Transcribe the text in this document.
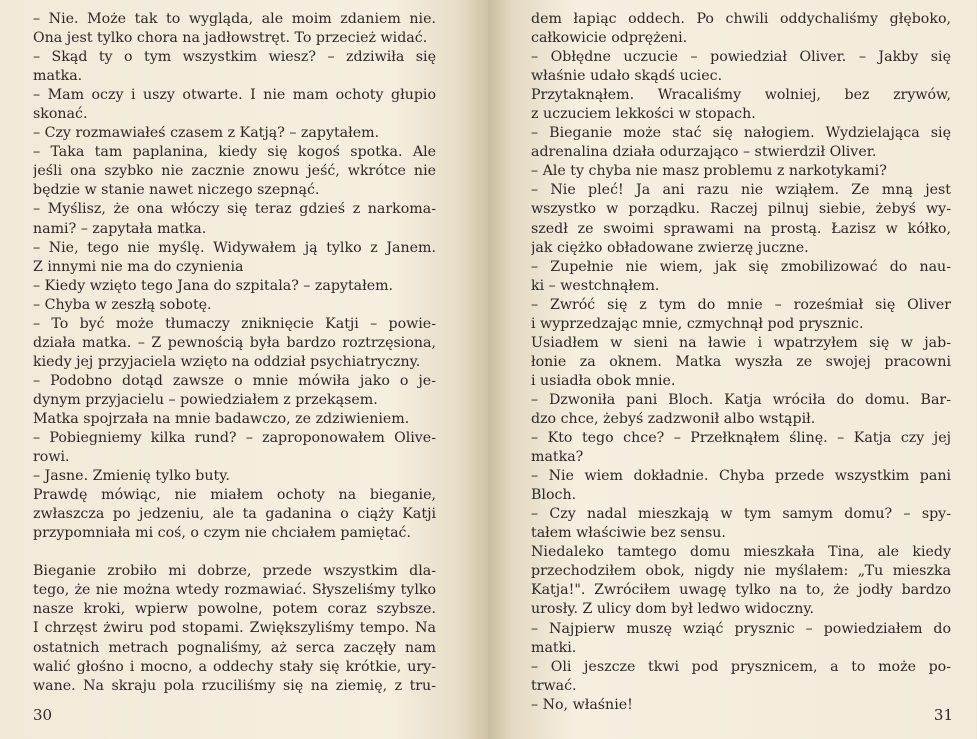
– Nie. Może tak to wygląda, ale moim zdaniem nie.
Ona jest tylko chora na jadłowstręt. To przecież widać.
– Skąd ty o tym wszystkim wiesz? – zdziwiła się
matka.
– Mam oczy i uszy otwarte. I nie mam ochoty głupio
skonać.
– Czy rozmawiałeś czasem z Katją? – zapytałem.
– Taka tam paplanina, kiedy się kogoś spotka. Ale
jeśli ona szybko nie zacznie znowu jeść, wkrótce nie
będzie w stanie nawet niczego szepnąć.
– Myślisz, że ona włóczy się teraz gdzieś z narkoma-
nami? – zapytała matka.
– Nie, tego nie myślę. Widywałem ją tylko z Janem.
Z innymi nie ma do czynienia
– Kiedy wzięto tego Jana do szpitala? – zapytałem.
– Chyba w zeszłą sobotę.
– To być może tłumaczy zniknięcie Katji – powie-
działa matka. – Z pewnością była bardzo roztrzęsiona,
kiedy jej przyjaciela wzięto na oddział psychiatryczny.
– Podobno dotąd zawsze o mnie mówiła jako o je-
dynym przyjacielu – powiedziałem z przekąsem.
Matka spojrzała na mnie badawczo, ze zdziwieniem.
– Pobiegniemy kilka rund? – zaproponowałem Olive-
rowi.
– Jasne. Zmienię tylko buty.
Prawdę mówiąc, nie miałem ochoty na bieganie,
zwłaszcza po jedzeniu, ale ta gadanina o ciąży Katji
przypomniała mi coś, o czym nie chciałem pamiętać.
Bieganie zrobiło mi dobrze, przede wszystkim dla-
tego, że nie można wtedy rozmawiać. Słyszeliśmy tylko
nasze kroki, wpierw powolne, potem coraz szybsze.
I chrzęst żwiru pod stopami. Zwiększyliśmy tempo. Na
ostatnich metrach pognaliśmy, aż serca zaczęły nam
walić głośno i mocno, a oddechy stały się krótkie, ury-
wane. Na skraju pola rzuciliśmy się na ziemię, z tru-
30
dem łapiąc oddech. Po chwili oddychaliśmy głęboko,
całkowicie odprężeni.
– Obłędne uczucie – powiedział Oliver. – Jakby się
właśnie udało skądś uciec.
Przytaknąłem. Wracaliśmy wolniej, bez zrywów,
z uczuciem lekkości w stopach.
– Bieganie może stać się nałogiem. Wydzielająca się
adrenalina działa odurzająco – stwierdził Oliver.
– Ale ty chyba nie masz problemu z narkotykami?
– Nie pleć! Ja ani razu nie wziąłem. Ze mną jest
wszystko w porządku. Raczej pilnuj siebie, żebyś wy-
szedł ze swoimi sprawami na prostą. Łazisz w kółko,
jak ciężko obładowane zwierzę juczne.
– Zupełnie nie wiem, jak się zmobilizować do nau-
ki – westchnąłem.
– Zwróć się z tym do mnie – roześmiał się Oliver
i wyprzedzając mnie, czmychnął pod prysznic.
Usiadłem w sieni na ławie i wpatrzyłem się w jab-
łonie za oknem. Matka wyszła ze swojej pracowni
i usiadła obok mnie.
– Dzwoniła pani Bloch. Katja wróciła do domu. Bar-
dzo chce, żebyś zadzwonił albo wstąpił.
– Kto tego chce? – Przełknąłem ślinę. – Katja czy jej
matka?
– Nie wiem dokładnie. Chyba przede wszystkim pani
Bloch.
– Czy nadal mieszkają w tym samym domu? – spy-
tałem właściwie bez sensu.
Niedaleko tamtego domu mieszkała Tina, ale kiedy
przechodziłem obok, nigdy nie myślałem: „Tu mieszka
Katja!". Zwróciłem uwagę tylko na to, że jodły bardzo
urosły. Z ulicy dom był ledwo widoczny.
– Najpierw muszę wziąć prysznic – powiedziałem do
matki.
– Oli jeszcze tkwi pod prysznicem, a to może po-
trwać.
– No, właśnie!
31
